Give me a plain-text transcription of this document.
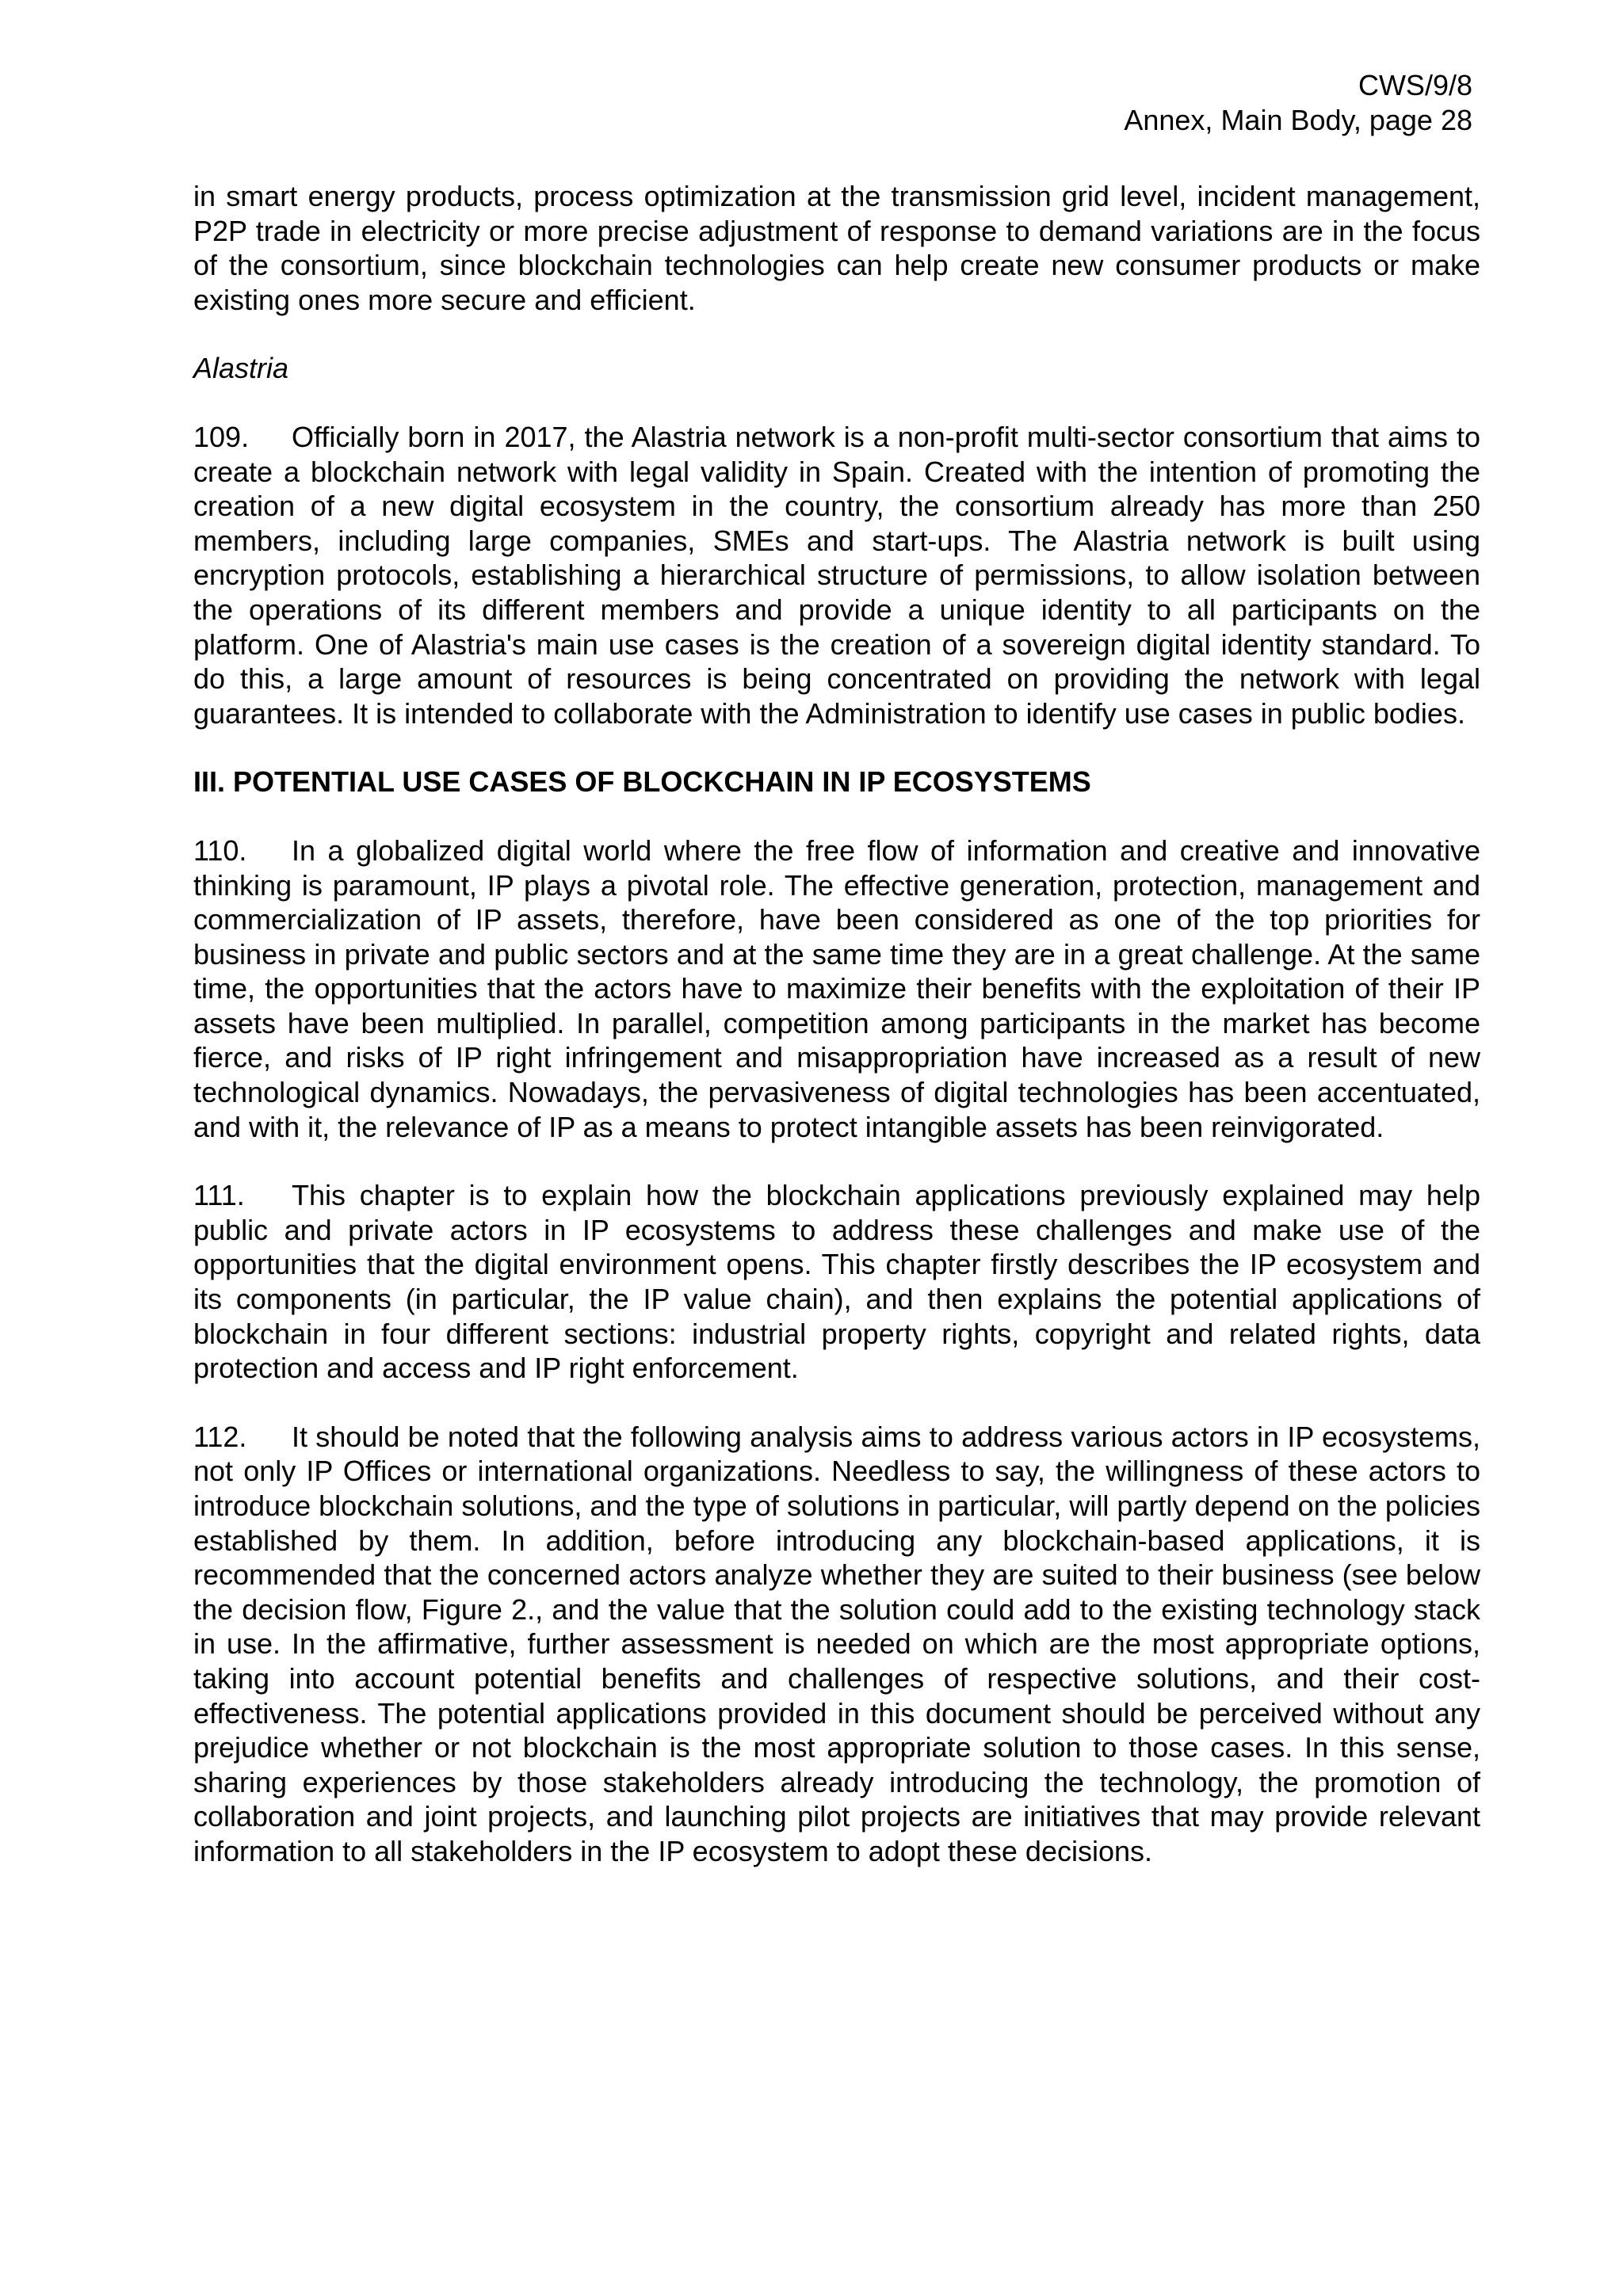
CWS/9/8
Annex, Main Body, page 28

in smart energy products, process optimization at the transmission grid level, incident management, P2P trade in electricity or more precise adjustment of response to demand variations are in the focus of the consortium, since blockchain technologies can help create new consumer products or make existing ones more secure and efficient.

Alastria

109. Officially born in 2017, the Alastria network is a non-profit multi-sector consortium that aims to create a blockchain network with legal validity in Spain. Created with the intention of promoting the creation of a new digital ecosystem in the country, the consortium already has more than 250 members, including large companies, SMEs and start-ups. The Alastria network is built using encryption protocols, establishing a hierarchical structure of permissions, to allow isolation between the operations of its different members and provide a unique identity to all participants on the platform. One of Alastria's main use cases is the creation of a sovereign digital identity standard. To do this, a large amount of resources is being concentrated on providing the network with legal guarantees. It is intended to collaborate with the Administration to identify use cases in public bodies.

III. POTENTIAL USE CASES OF BLOCKCHAIN IN IP ECOSYSTEMS

110. In a globalized digital world where the free flow of information and creative and innovative thinking is paramount, IP plays a pivotal role. The effective generation, protection, management and commercialization of IP assets, therefore, have been considered as one of the top priorities for business in private and public sectors and at the same time they are in a great challenge. At the same time, the opportunities that the actors have to maximize their benefits with the exploitation of their IP assets have been multiplied. In parallel, competition among participants in the market has become fierce, and risks of IP right infringement and misappropriation have increased as a result of new technological dynamics. Nowadays, the pervasiveness of digital technologies has been accentuated, and with it, the relevance of IP as a means to protect intangible assets has been reinvigorated.

111. This chapter is to explain how the blockchain applications previously explained may help public and private actors in IP ecosystems to address these challenges and make use of the opportunities that the digital environment opens. This chapter firstly describes the IP ecosystem and its components (in particular, the IP value chain), and then explains the potential applications of blockchain in four different sections: industrial property rights, copyright and related rights, data protection and access and IP right enforcement.

112. It should be noted that the following analysis aims to address various actors in IP ecosystems, not only IP Offices or international organizations. Needless to say, the willingness of these actors to introduce blockchain solutions, and the type of solutions in particular, will partly depend on the policies established by them. In addition, before introducing any blockchain-based applications, it is recommended that the concerned actors analyze whether they are suited to their business (see below the decision flow, Figure 2., and the value that the solution could add to the existing technology stack in use. In the affirmative, further assessment is needed on which are the most appropriate options, taking into account potential benefits and challenges of respective solutions, and their cost-effectiveness. The potential applications provided in this document should be perceived without any prejudice whether or not blockchain is the most appropriate solution to those cases. In this sense, sharing experiences by those stakeholders already introducing the technology, the promotion of collaboration and joint projects, and launching pilot projects are initiatives that may provide relevant information to all stakeholders in the IP ecosystem to adopt these decisions.
